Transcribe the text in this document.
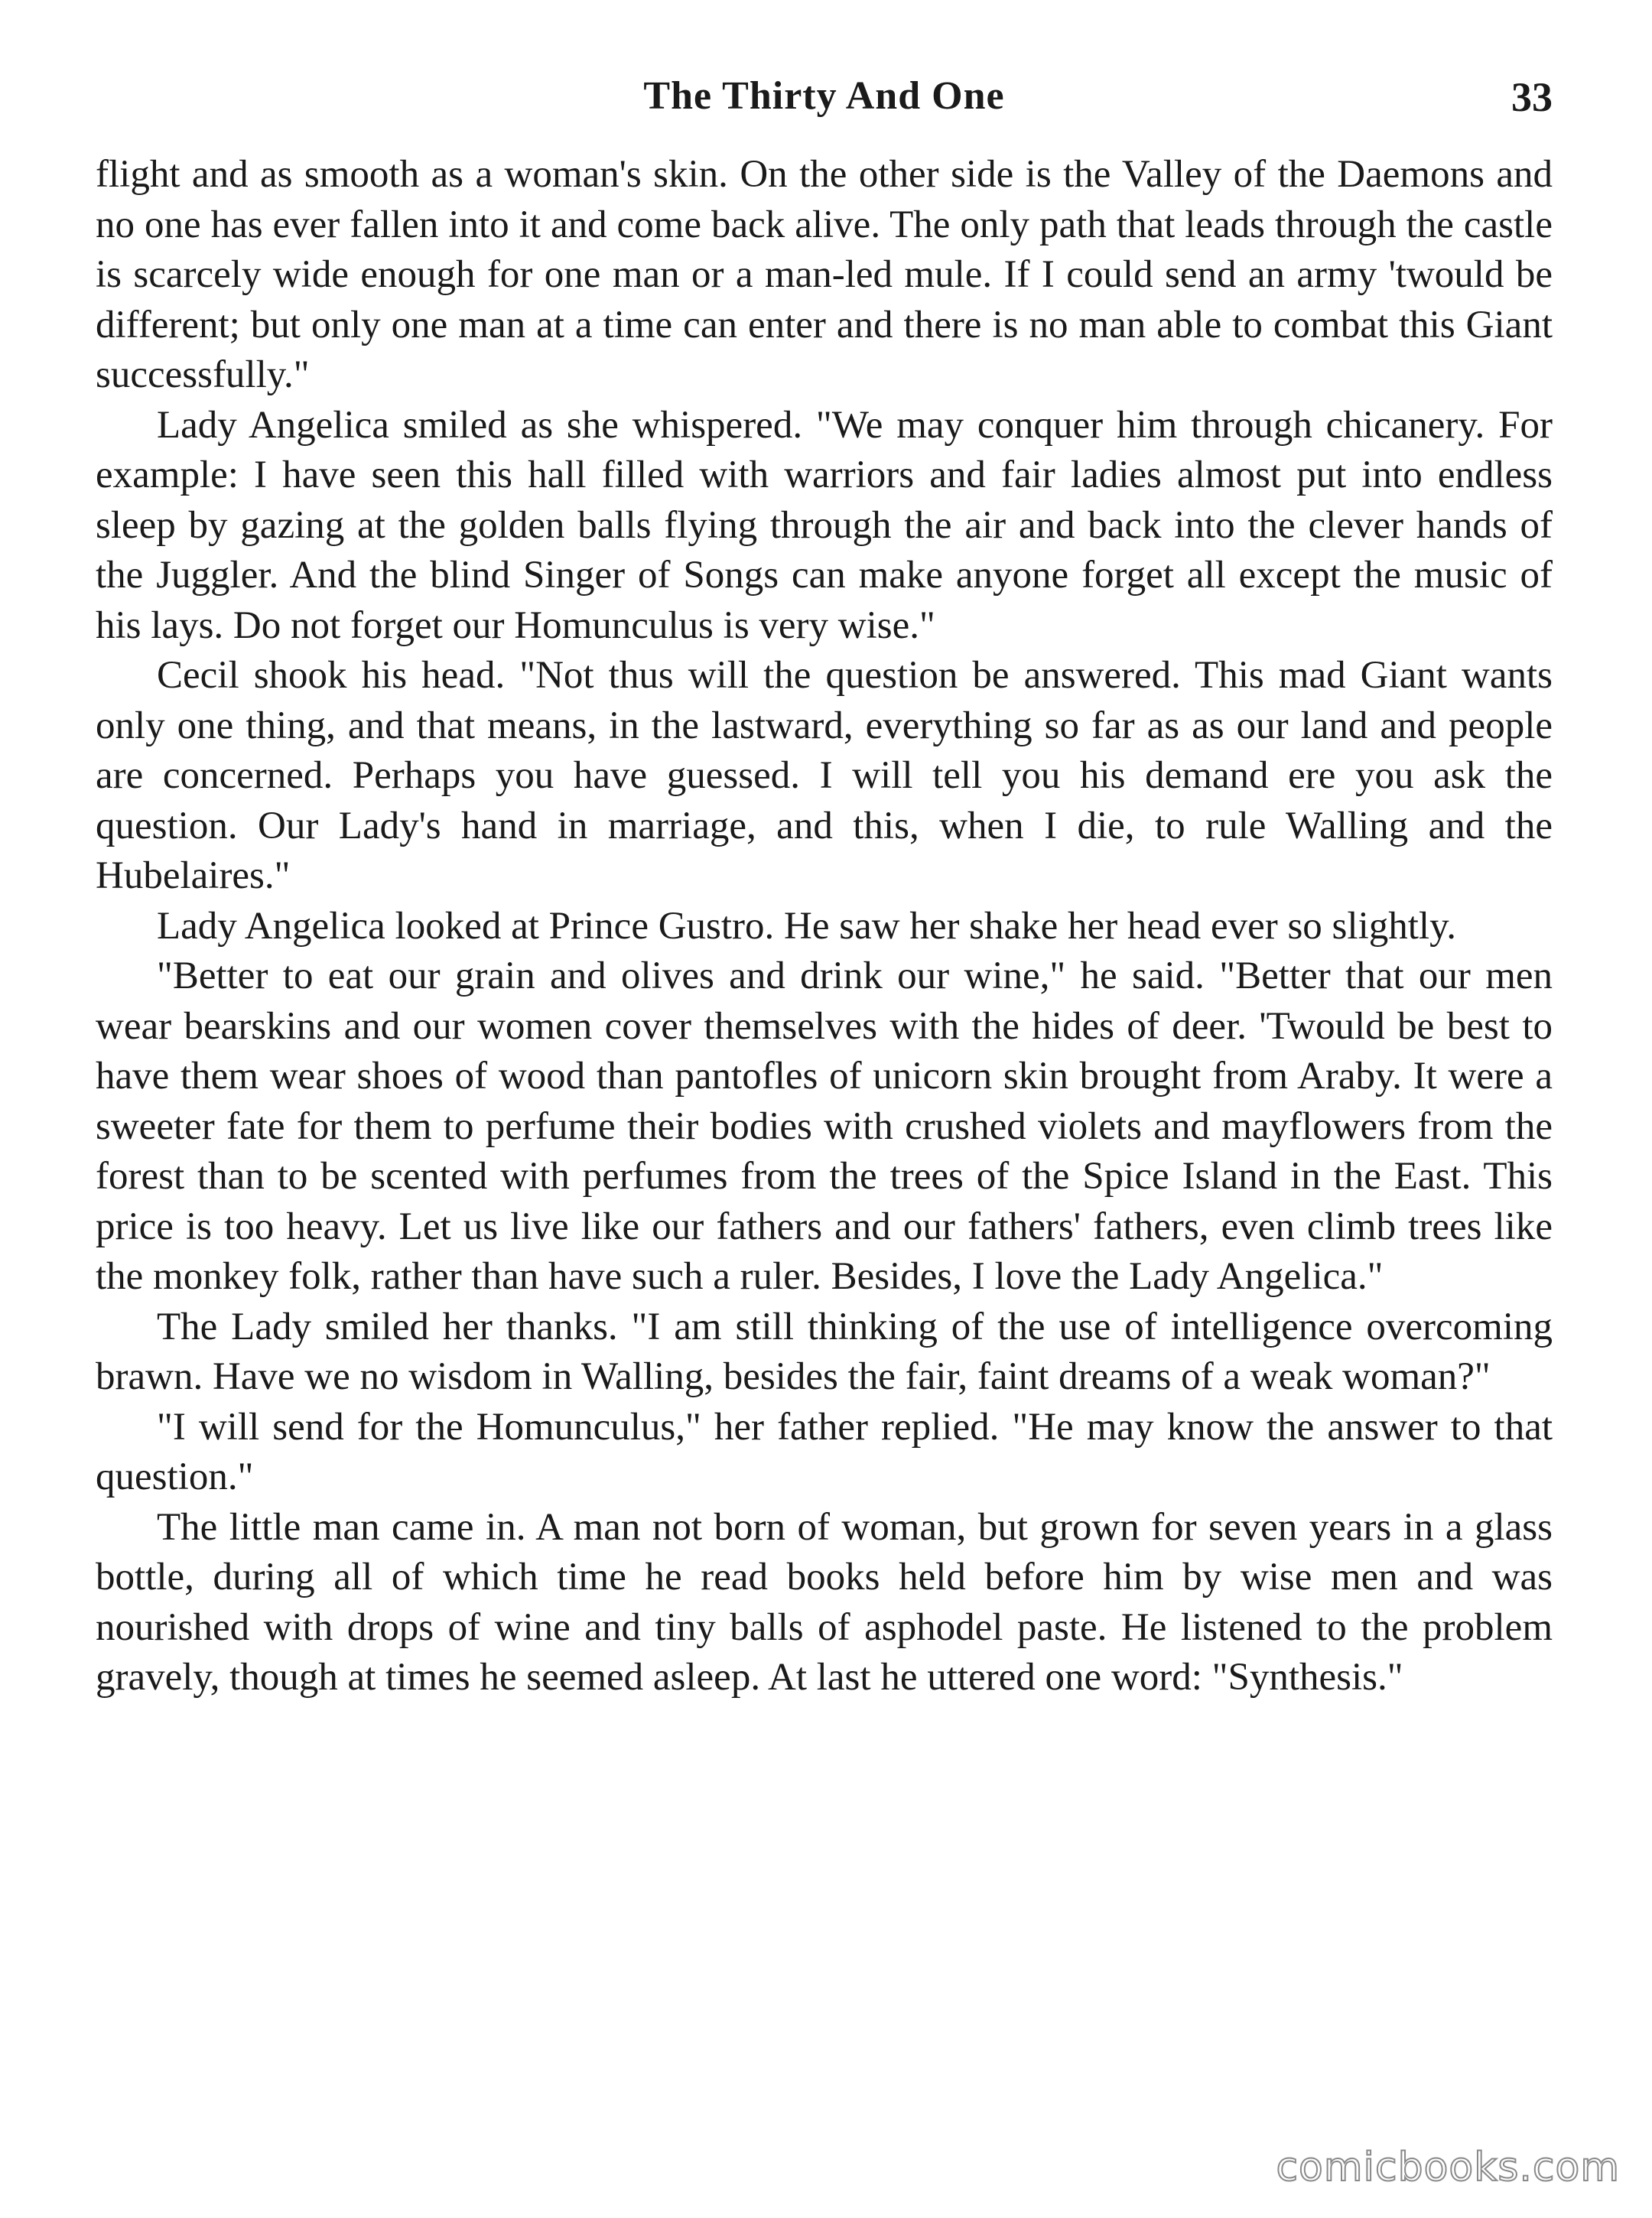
The Thirty And One	33

flight and as smooth as a woman's skin. On the other side is the Valley of the Daemons and no one has ever fallen into it and come back alive. The only path that leads through the castle is scarcely wide enough for one man or a man-led mule. If I could send an army 'twould be different; but only one man at a time can enter and there is no man able to combat this Giant successfully."

Lady Angelica smiled as she whispered. "We may conquer him through chicanery. For example: I have seen this hall filled with warriors and fair ladies almost put into endless sleep by gazing at the golden balls flying through the air and back into the clever hands of the Juggler. And the blind Singer of Songs can make anyone forget all except the music of his lays. Do not forget our Homunculus is very wise."

Cecil shook his head. "Not thus will the question be answered. This mad Giant wants only one thing, and that means, in the lastward, everything so far as as our land and people are concerned. Perhaps you have guessed. I will tell you his demand ere you ask the question. Our Lady's hand in marriage, and this, when I die, to rule Walling and the Hubelaires."

Lady Angelica looked at Prince Gustro. He saw her shake her head ever so slightly.

"Better to eat our grain and olives and drink our wine," he said. "Better that our men wear bearskins and our women cover themselves with the hides of deer. 'Twould be best to have them wear shoes of wood than pantofles of unicorn skin brought from Araby. It were a sweeter fate for them to perfume their bodies with crushed violets and mayflowers from the forest than to be scented with perfumes from the trees of the Spice Island in the East. This price is too heavy. Let us live like our fathers and our fathers' fathers, even climb trees like the monkey folk, rather than have such a ruler. Besides, I love the Lady Angelica."

The Lady smiled her thanks. "I am still thinking of the use of intelligence overcoming brawn. Have we no wisdom in Walling, besides the fair, faint dreams of a weak woman?"

"I will send for the Homunculus," her father replied. "He may know the answer to that question."

The little man came in. A man not born of woman, but grown for seven years in a glass bottle, during all of which time he read books held before him by wise men and was nourished with drops of wine and tiny balls of asphodel paste. He listened to the problem gravely, though at times he seemed asleep. At last he uttered one word: "Synthesis."

comicbooks.com
